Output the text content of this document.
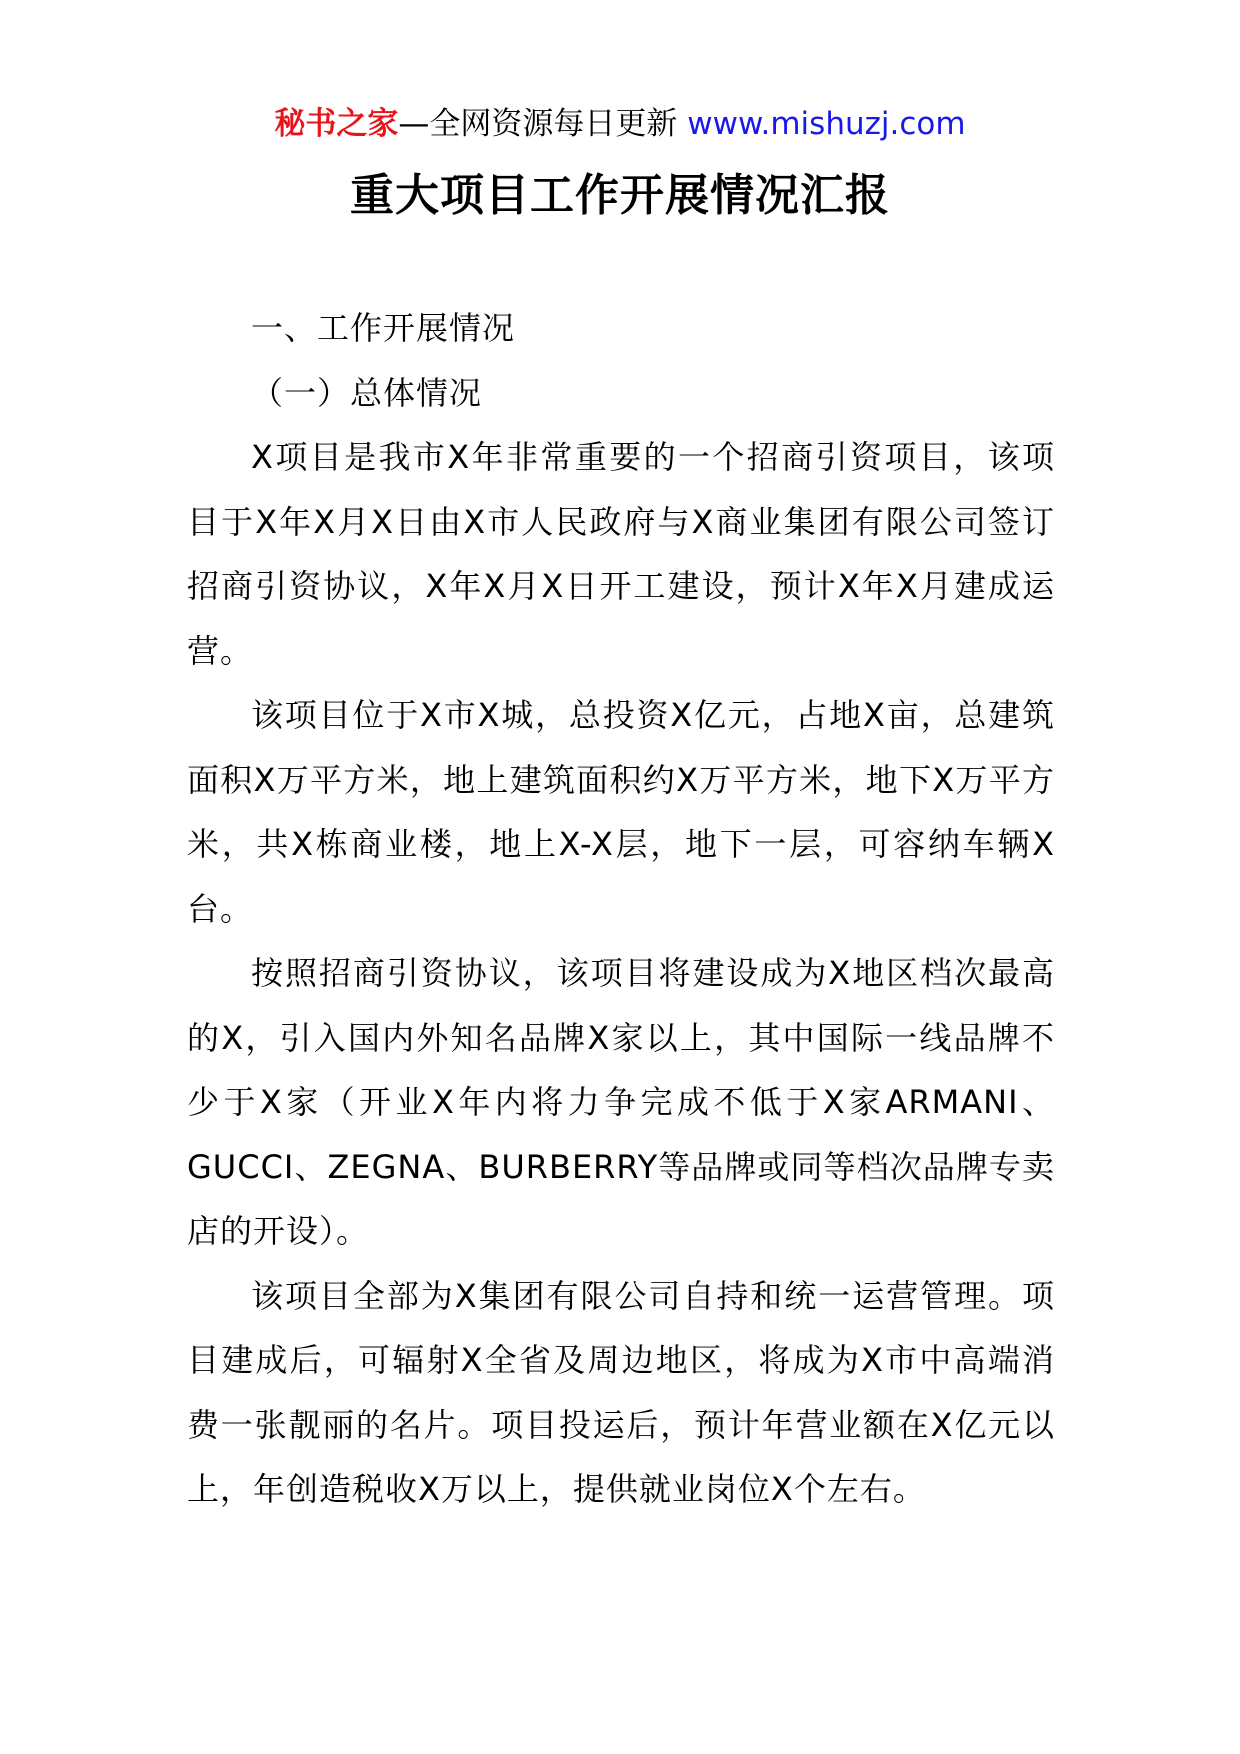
秘书之家—全网资源每日更新 www.mishuzj.com
重大项目工作开展情况汇报

一、工作开展情况

（一）总体情况

X项目是我市X年非常重要的一个招商引资项目，该项目于X年X月X日由X市人民政府与X商业集团有限公司签订招商引资协议，X年X月X日开工建设，预计X年X月建成运营。

该项目位于X市X城，总投资X亿元，占地X亩，总建筑面积X万平方米，地上建筑面积约X万平方米，地下X万平方米，共X栋商业楼，地上X-X层，地下一层，可容纳车辆X台。

按照招商引资协议，该项目将建设成为X地区档次最高的X，引入国内外知名品牌X家以上，其中国际一线品牌不少于X家（开业X年内将力争完成不低于X家ARMANI、GUCCI、ZEGNA、BURBERRY等品牌或同等档次品牌专卖店的开设）。

该项目全部为X集团有限公司自持和统一运营管理。项目建成后，可辐射X全省及周边地区，将成为X市中高端消费一张靓丽的名片。项目投运后，预计年营业额在X亿元以上，年创造税收X万以上，提供就业岗位X个左右。
